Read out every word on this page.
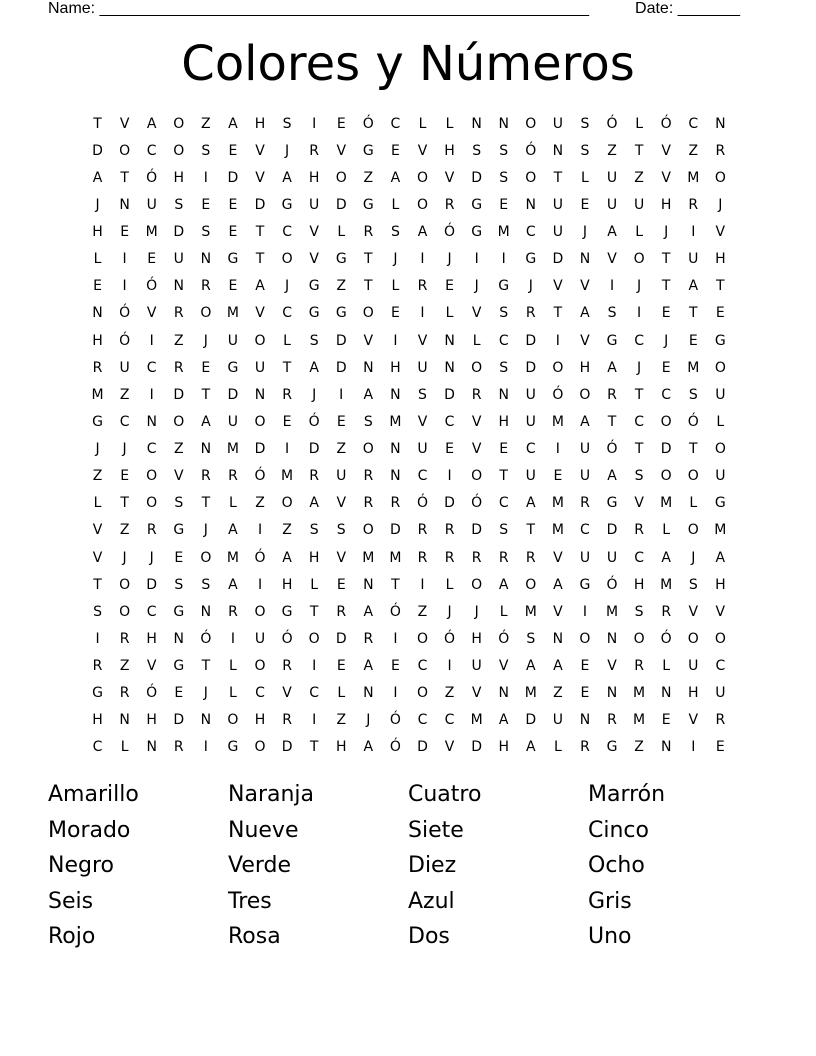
Name: _______________________________________________________	Date: _______
Colores y Números
T	V	A	O	Z	A	H	S	I	E	Ó	C	L	L	N	N	O	U	S	Ó	L	Ó	C	N
D	O	C	O	S	E	V	J	R	V	G	E	V	H	S	S	Ó	N	S	Z	T	V	Z	R
A	T	Ó	H	I	D	V	A	H	O	Z	A	O	V	D	S	O	T	L	U	Z	V	M	O
J	N	U	S	E	E	D	G	U	D	G	L	O	R	G	E	N	U	E	U	U	H	R	J
H	E	M	D	S	E	T	C	V	L	R	S	A	Ó	G	M	C	U	J	A	L	J	I	V
L	I	E	U	N	G	T	O	V	G	T	J	I	J	I	I	G	D	N	V	O	T	U	H
E	I	Ó	N	R	E	A	J	G	Z	T	L	R	E	J	G	J	V	V	I	J	T	A	T
N	Ó	V	R	O	M	V	C	G	G	O	E	I	L	V	S	R	T	A	S	I	E	T	E
H	Ó	I	Z	J	U	O	L	S	D	V	I	V	N	L	C	D	I	V	G	C	J	E	G
R	U	C	R	E	G	U	T	A	D	N	H	U	N	O	S	D	O	H	A	J	E	M	O
M	Z	I	D	T	D	N	R	J	I	A	N	S	D	R	N	U	Ó	O	R	T	C	S	U
G	C	N	O	A	U	O	E	Ó	E	S	M	V	C	V	H	U	M	A	T	C	O	Ó	L
J	J	C	Z	N	M	D	I	D	Z	O	N	U	E	V	E	C	I	U	Ó	T	D	T	O
Z	E	O	V	R	R	Ó	M	R	U	R	N	C	I	O	T	U	E	U	A	S	O	O	U
L	T	O	S	T	L	Z	O	A	V	R	R	Ó	D	Ó	C	A	M	R	G	V	M	L	G
V	Z	R	G	J	A	I	Z	S	S	O	D	R	R	D	S	T	M	C	D	R	L	O	M
V	J	J	E	O	M	Ó	A	H	V	M	M	R	R	R	R	R	V	U	U	C	A	J	A
T	O	D	S	S	A	I	H	L	E	N	T	I	L	O	A	O	A	G	Ó	H	M	S	H
S	O	C	G	N	R	O	G	T	R	A	Ó	Z	J	J	L	M	V	I	M	S	R	V	V
I	R	H	N	Ó	I	U	Ó	O	D	R	I	O	Ó	H	Ó	S	N	O	N	O	Ó	O	O
R	Z	V	G	T	L	O	R	I	E	A	E	C	I	U	V	A	A	E	V	R	L	U	C
G	R	Ó	E	J	L	C	V	C	L	N	I	O	Z	V	N	M	Z	E	N	M	N	H	U
H	N	H	D	N	O	H	R	I	Z	J	Ó	C	C	M	A	D	U	N	R	M	E	V	R
C	L	N	R	I	G	O	D	T	H	A	Ó	D	V	D	H	A	L	R	G	Z	N	I	E
Amarillo	Naranja	Cuatro	Marrón
Morado	Nueve	Siete	Cinco
Negro	Verde	Diez	Ocho
Seis	Tres	Azul	Gris
Rojo	Rosa	Dos	Uno
